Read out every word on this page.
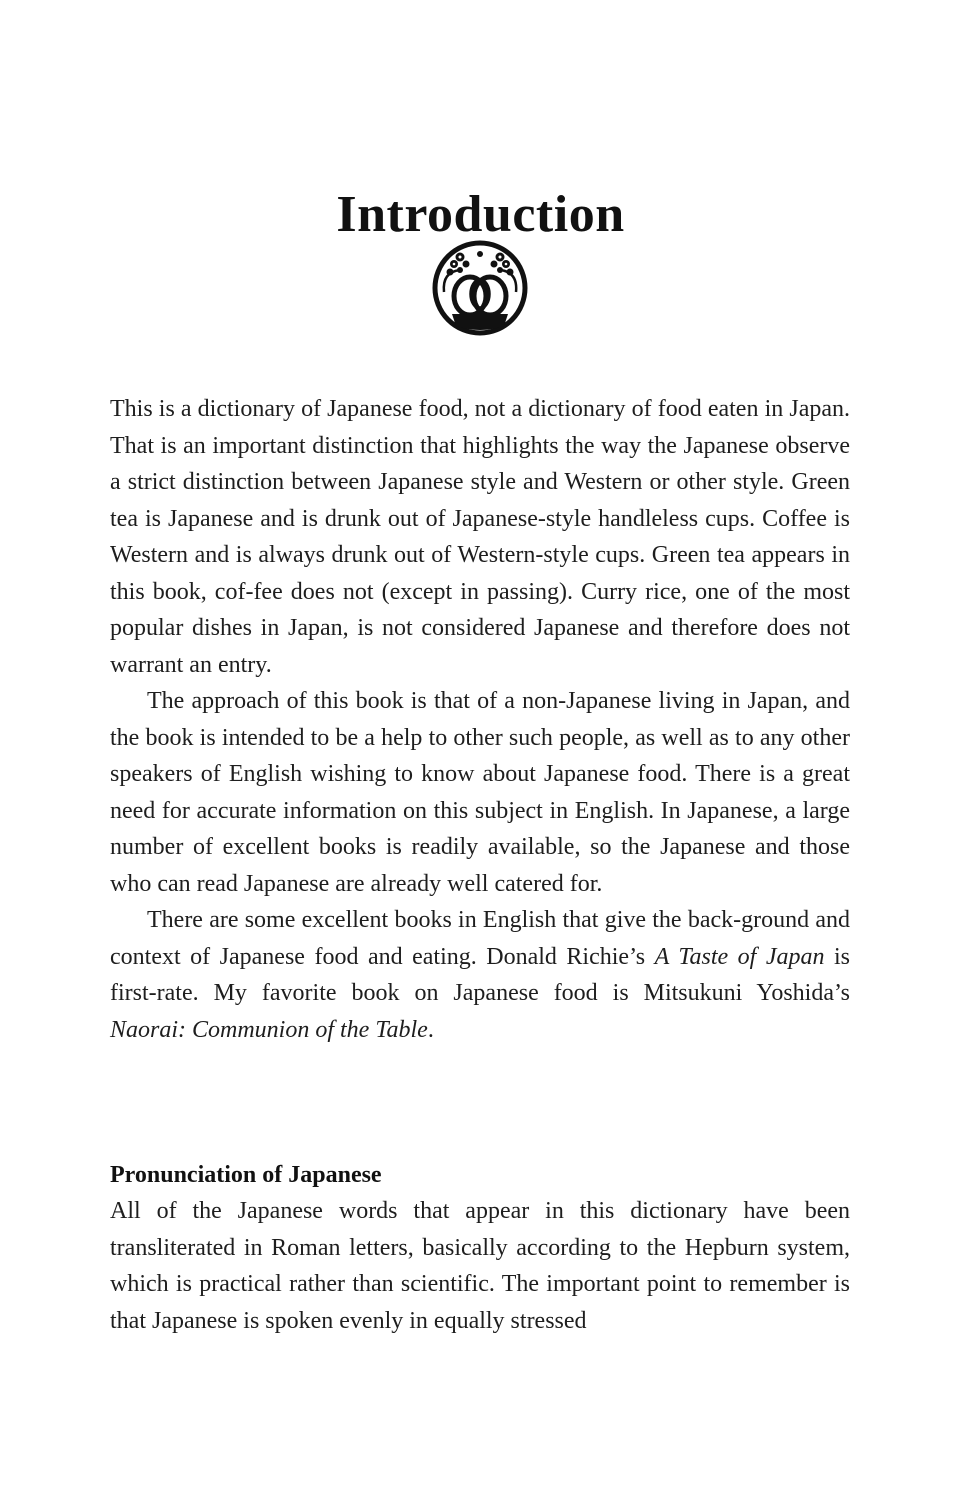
Introduction

This is a dictionary of Japanese food, not a dictionary of food eaten in Japan. That is an important distinction that highlights the way the Japanese observe a strict distinction between Japanese style and Western or other style. Green tea is Japanese and is drunk out of Japanese-style handleless cups. Coffee is Western and is always drunk out of Western-style cups. Green tea appears in this book, cof-fee does not (except in passing). Curry rice, one of the most popular dishes in Japan, is not considered Japanese and therefore does not warrant an entry.

The approach of this book is that of a non-Japanese living in Japan, and the book is intended to be a help to other such people, as well as to any other speakers of English wishing to know about Japanese food. There is a great need for accurate information on this subject in English. In Japanese, a large number of excellent books is readily available, so the Japanese and those who can read Japanese are already well catered for.

There are some excellent books in English that give the back-ground and context of Japanese food and eating. Donald Richie’s A Taste of Japan is first-rate. My favorite book on Japanese food is Mitsukuni Yoshida’s Naorai: Communion of the Table.

Pronunciation of Japanese

All of the Japanese words that appear in this dictionary have been transliterated in Roman letters, basically according to the Hepburn system, which is practical rather than scientific. The important point to remember is that Japanese is spoken evenly in equally stressed
